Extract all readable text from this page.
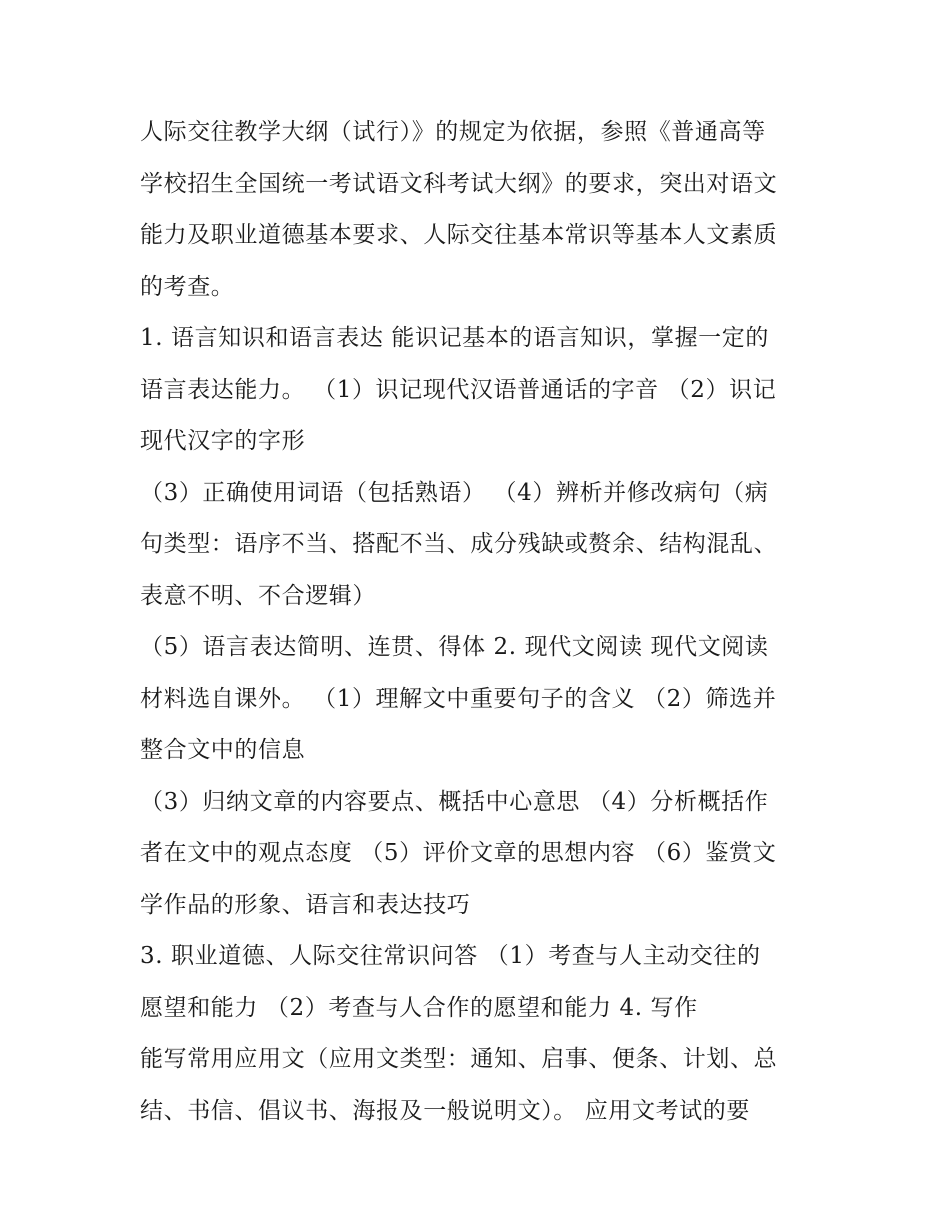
人际交往教学大纲（试行）》的规定为依据，参照《普通高等
学校招生全国统一考试语文科考试大纲》的要求，突出对语文
能力及职业道德基本要求、人际交往基本常识等基本人文素质
的考查。
1. 语言知识和语言表达 能识记基本的语言知识，掌握一定的
语言表达能力。 （1）识记现代汉语普通话的字音 （2）识记
现代汉字的字形
（3）正确使用词语（包括熟语） （4）辨析并修改病句（病
句类型：语序不当、搭配不当、成分残缺或赘余、结构混乱、
表意不明、不合逻辑）
（5）语言表达简明、连贯、得体 2. 现代文阅读 现代文阅读
材料选自课外。 （1）理解文中重要句子的含义 （2）筛选并
整合文中的信息
（3）归纳文章的内容要点、概括中心意思 （4）分析概括作
者在文中的观点态度 （5）评价文章的思想内容 （6）鉴赏文
学作品的形象、语言和表达技巧
3. 职业道德、人际交往常识问答 （1）考查与人主动交往的
愿望和能力 （2）考查与人合作的愿望和能力 4. 写作
能写常用应用文（应用文类型：通知、启事、便条、计划、总
结、书信、倡议书、海报及一般说明文）。 应用文考试的要
